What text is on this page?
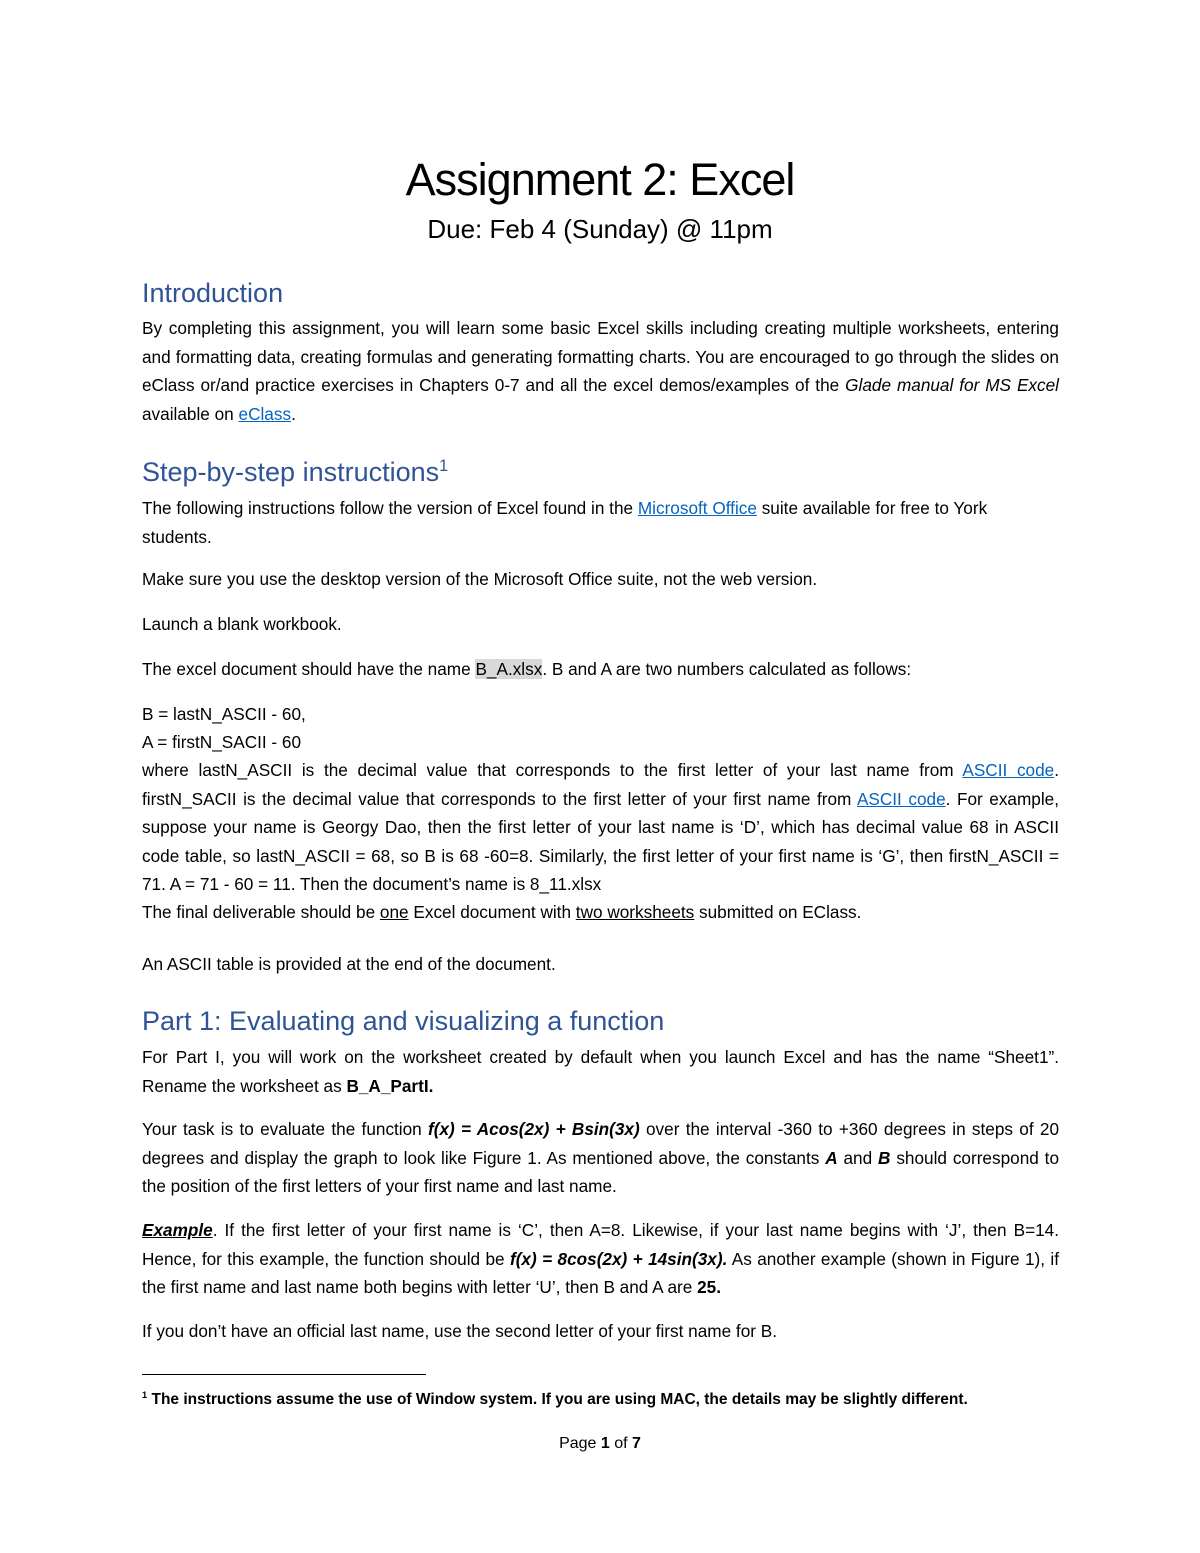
Assignment 2: Excel

Due: Feb 4 (Sunday) @ 11pm

Introduction

By completing this assignment, you will learn some basic Excel skills including creating multiple worksheets, entering and formatting data, creating formulas and generating formatting charts. You are encouraged to go through the slides on eClass or/and practice exercises in Chapters 0-7 and all the excel demos/examples of the Glade manual for MS Excel available on eClass.

Step-by-step instructions$^1$

The following instructions follow the version of Excel found in the Microsoft Office suite available for free to York students.

Make sure you use the desktop version of the Microsoft Office suite, not the web version.

Launch a blank workbook.

The excel document should have the name B_A.xlsx. B and A are two numbers calculated as follows:

B = lastN_ASCII - 60,

A = firstN_SACII - 60

where lastN_ASCII is the decimal value that corresponds to the first letter of your last name from ASCII code. firstN_SACII is the decimal value that corresponds to the first letter of your first name from ASCII code. For example, suppose your name is Georgy Dao, then the first letter of your last name is ‘D’, which has decimal value 68 in ASCII code table, so lastN_ASCII = 68, so B is 68 -60=8. Similarly, the first letter of your first name is ‘G’, then firstN_ASCII = 71. A = 71 - 60 = 11. Then the document’s name is 8_11.xlsx

The final deliverable should be one Excel document with two worksheets submitted on EClass.

An ASCII table is provided at the end of the document.

Part 1: Evaluating and visualizing a function

For Part I, you will work on the worksheet created by default when you launch Excel and has the name “Sheet1”. Rename the worksheet as B_A_PartI.

Your task is to evaluate the function f(x) = Acos(2x) + Bsin(3x) over the interval -360 to +360 degrees in steps of 20 degrees and display the graph to look like Figure 1. As mentioned above, the constants A and B should correspond to the position of the first letters of your first name and last name.

Example. If the first letter of your first name is ‘C’, then A=8. Likewise, if your last name begins with ‘J’, then B=14. Hence, for this example, the function should be f(x) = 8cos(2x) + 14sin(3x). As another example (shown in Figure 1), if the first name and last name both begins with letter ‘U’, then B and A are 25.

If you don’t have an official last name, use the second letter of your first name for B.

$^1$ The instructions assume the use of Window system. If you are using MAC, the details may be slightly different.

Page 1 of 7
